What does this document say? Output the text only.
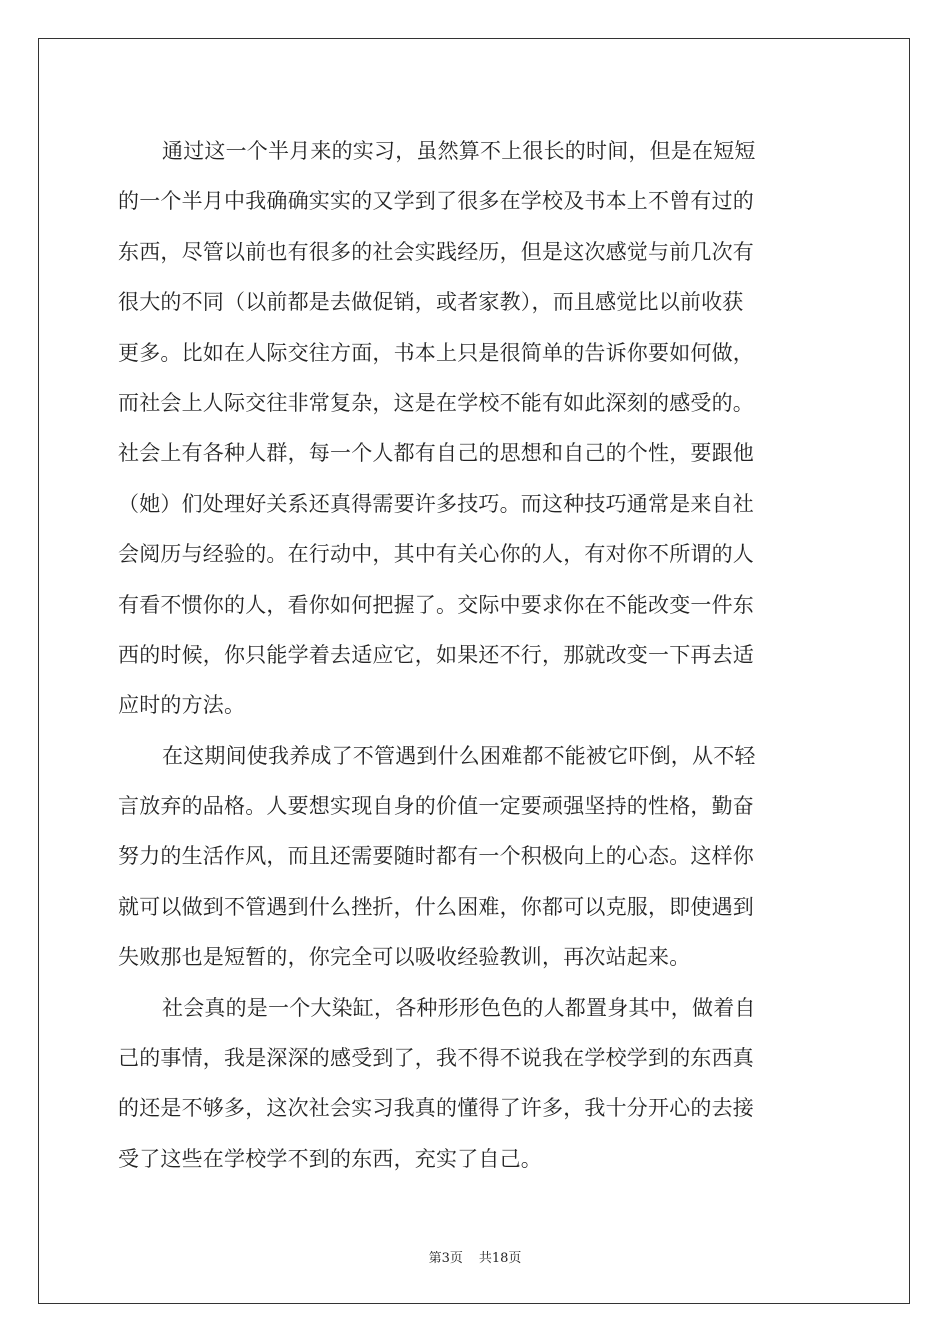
通过这一个半月来的实习，虽然算不上很长的时间，但是在短短
的一个半月中我确确实实的又学到了很多在学校及书本上不曾有过的
东西，尽管以前也有很多的社会实践经历，但是这次感觉与前几次有
很大的不同（以前都是去做促销，或者家教），而且感觉比以前收获
更多。比如在人际交往方面，书本上只是很简单的告诉你要如何做，
而社会上人际交往非常复杂，这是在学校不能有如此深刻的感受的。
社会上有各种人群，每一个人都有自己的思想和自己的个性，要跟他
（她）们处理好关系还真得需要许多技巧。而这种技巧通常是来自社
会阅历与经验的。在行动中，其中有关心你的人，有对你不所谓的人
有看不惯你的人，看你如何把握了。交际中要求你在不能改变一件东
西的时候，你只能学着去适应它，如果还不行，那就改变一下再去适
应时的方法。
在这期间使我养成了不管遇到什么困难都不能被它吓倒，从不轻
言放弃的品格。人要想实现自身的价值一定要顽强坚持的性格，勤奋
努力的生活作风，而且还需要随时都有一个积极向上的心态。这样你
就可以做到不管遇到什么挫折，什么困难，你都可以克服，即使遇到
失败那也是短暂的，你完全可以吸收经验教训，再次站起来。
社会真的是一个大染缸，各种形形色色的人都置身其中，做着自
己的事情，我是深深的感受到了，我不得不说我在学校学到的东西真
的还是不够多，这次社会实习我真的懂得了许多，我十分开心的去接
受了这些在学校学不到的东西，充实了自己。
第3页 共18页
